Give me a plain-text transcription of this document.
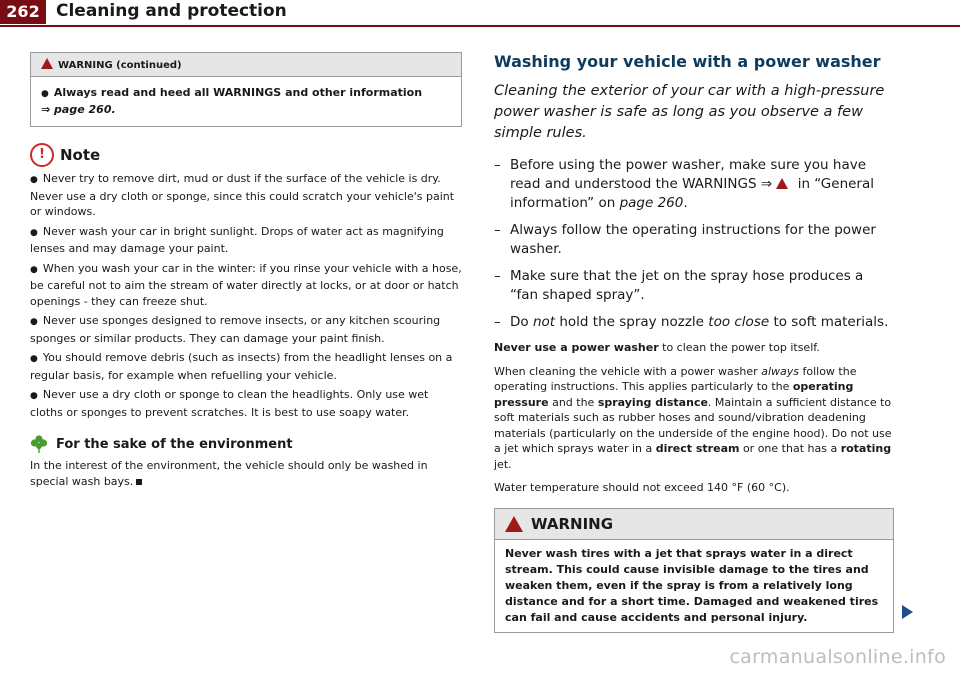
262 Cleaning and protection
WARNING (continued)
● Always read and heed all WARNINGS and other information
⇒ page 260.
!	Note
● Never try to remove dirt, mud or dust if the surface of the vehicle is dry. Never use a dry cloth or sponge, since this could scratch your vehicle's paint or windows.
● Never wash your car in bright sunlight. Drops of water act as magnifying lenses and may damage your paint.
● When you wash your car in the winter: if you rinse your vehicle with a hose, be careful not to aim the stream of water directly at locks, or at door or hatch openings - they can freeze shut.
● Never use sponges designed to remove insects, or any kitchen scouring sponges or similar products. They can damage your paint finish.
● You should remove debris (such as insects) from the headlight lenses on a regular basis, for example when refuelling your vehicle.
● Never use a dry cloth or sponge to clean the headlights. Only use wet cloths or sponges to prevent scratches. It is best to use soapy water.
For the sake of the environment
In the interest of the environment, the vehicle should only be washed in special wash bays.
Washing your vehicle with a power washer
Cleaning the exterior of your car with a high-pressure power washer is safe as long as you observe a few simple rules.
– Before using the power washer, make sure you have read and understood the WARNINGS ⇒  in “General information” on page 260.
– Always follow the operating instructions for the power washer.
– Make sure that the jet on the spray hose produces a “fan shaped spray”.
– Do not hold the spray nozzle too close to soft materials.
Never use a power washer to clean the power top itself.
When cleaning the vehicle with a power washer always follow the operating instructions. This applies particularly to the operating pressure and the spraying distance. Maintain a sufficient distance to soft materials such as rubber hoses and sound/vibration deadening materials (particularly on the underside of the engine hood). Do not use a jet which sprays water in a direct stream or one that has a rotating jet.
Water temperature should not exceed 140 °F (60 °C).
WARNING
Never wash tires with a jet that sprays water in a direct stream. This could cause invisible damage to the tires and weaken them, even if the spray is from a relatively long distance and for a short time. Damaged and weakened tires can fail and cause accidents and personal injury.
carmanualsonline.info
